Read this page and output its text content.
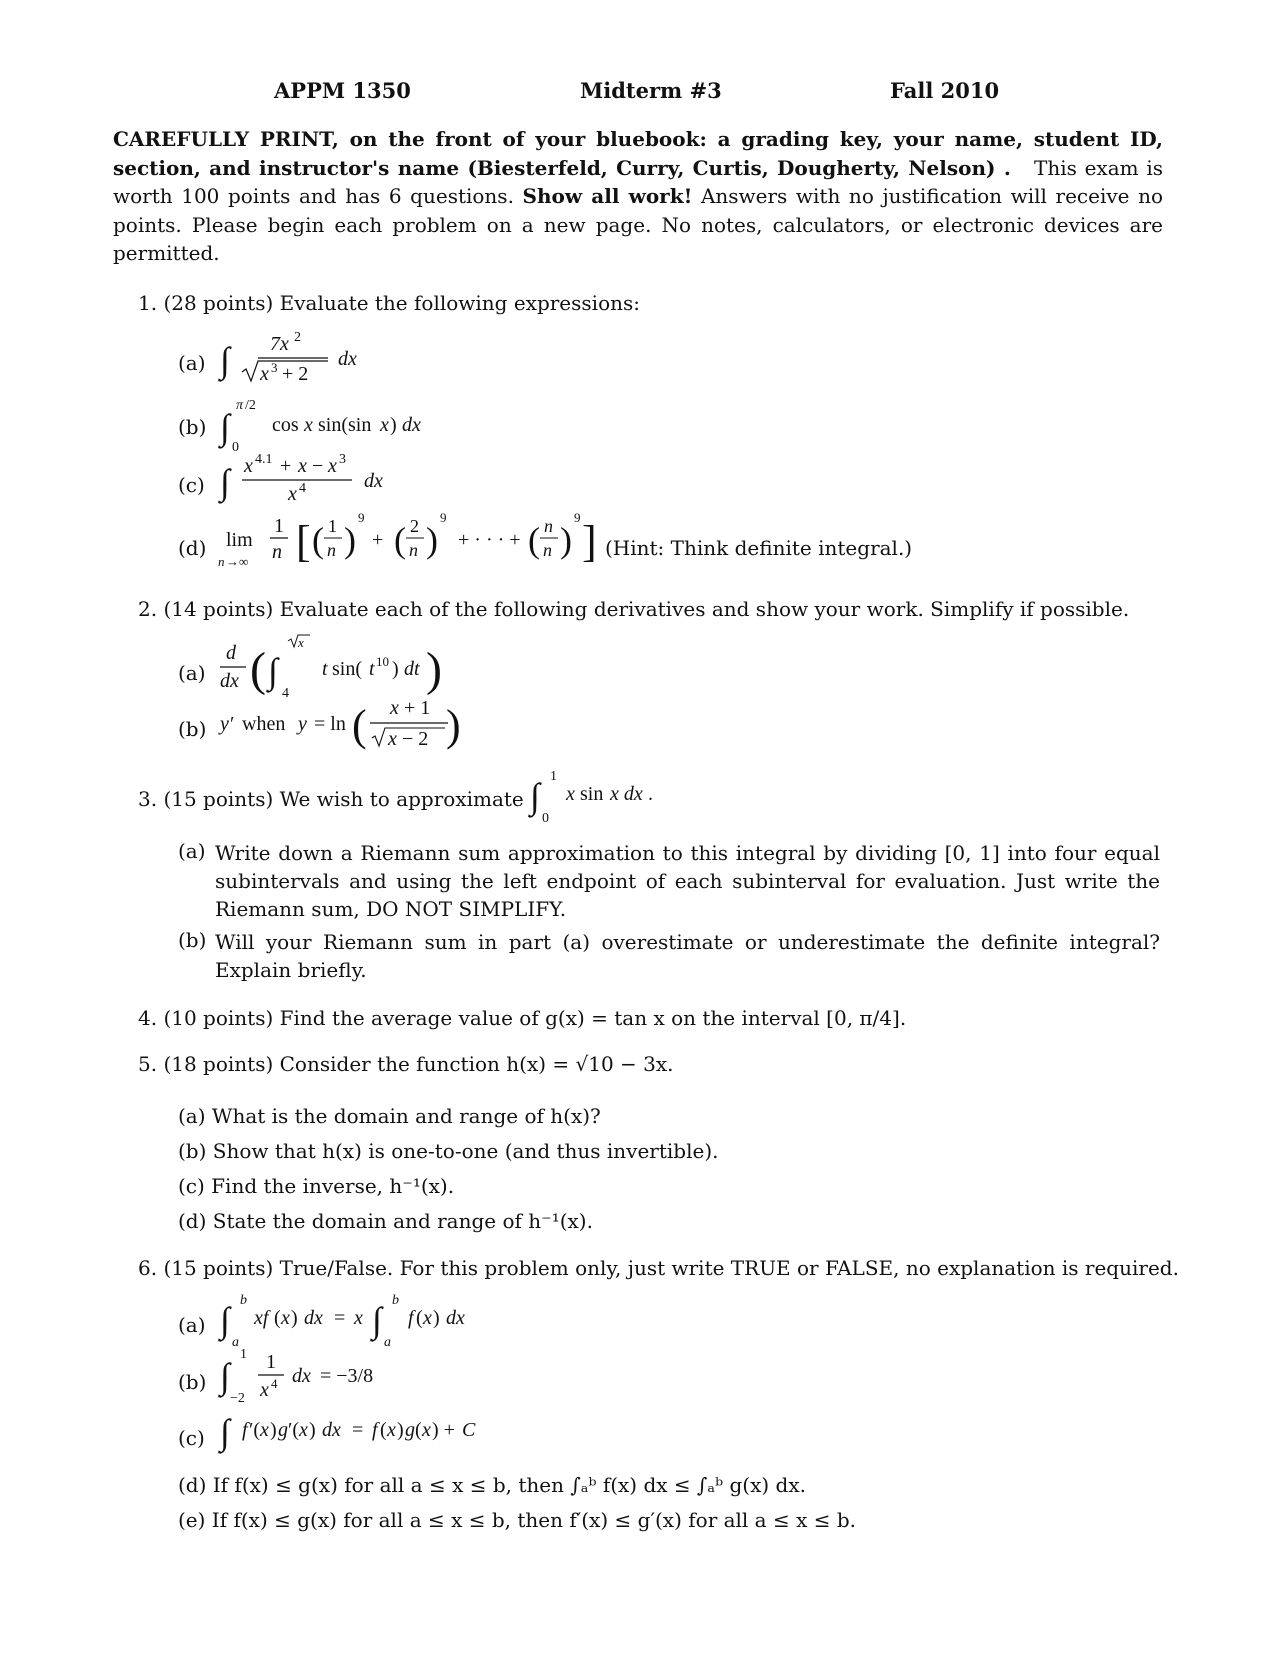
APPM 1350	Midterm #3	Fall 2010
CAREFULLY PRINT, on the front of your bluebook: a grading key, your name, student ID, section, and instructor's name (Biesterfeld, Curry, Curtis, Dougherty, Nelson) . This exam is worth 100 points and has 6 questions. Show all work! Answers with no justification will receive no points. Please begin each problem on a new page. No notes, calculators, or electronic devices are permitted.
1. (28 points) Evaluate the following expressions:
(a) ∫ 7x 2
x 3 + 2
dx
(b) ∫
π /2
0
cos x sin(sin x ) dx
(c) ∫ x 4.1 + x − x 3
x 4	dx
(d) lim
n →∞
1
n [ ( 1
n )
9
+ ( 2
n )
9
+ · · · + ( n
n )
9 ] (Hint: Think definite integral.)
2. (14 points) Evaluate each of the following derivatives and show your work. Simplify if possible.
(a)
d
dx ( ∫
x
4
t sin( t 10 ) dt )
(b) y ′ when y = ln ( x + 1
x − 2 )
3. (15 points) We wish to approximate ∫ 1
0
x sin x dx .
(a) Write down a Riemann sum approximation to this integral by dividing [0, 1] into four equal subintervals and using the left endpoint of each subinterval for evaluation. Just write the Riemann sum, DO NOT SIMPLIFY.
(b) Will your Riemann sum in part (a) overestimate or underestimate the definite integral? Explain briefly.
4. (10 points) Find the average value of g(x) = tan x on the interval [0, π/4].
5. (18 points) Consider the function h(x) = √10 − 3x.
(a) What is the domain and range of h(x)?
(b) Show that h(x) is one-to-one (and thus invertible).
(c) Find the inverse, h⁻¹(x).
(d) State the domain and range of h⁻¹(x).
6. (15 points) True/False. For this problem only, just write TRUE or FALSE, no explanation is required.
(a) ∫ b
a
xf ( x ) dx = x ∫ b
a
f ( x ) dx
(b) ∫
1
−2
1
x 4 dx = −3/8
(c) ∫ f ′( x ) g ′( x ) dx = f ( x ) g ( x ) + C
(d) If f(x) ≤ g(x) for all a ≤ x ≤ b, then ∫ₐᵇ f(x) dx ≤ ∫ₐᵇ g(x) dx.
(e) If f(x) ≤ g(x) for all a ≤ x ≤ b, then f′(x) ≤ g′(x) for all a ≤ x ≤ b.
